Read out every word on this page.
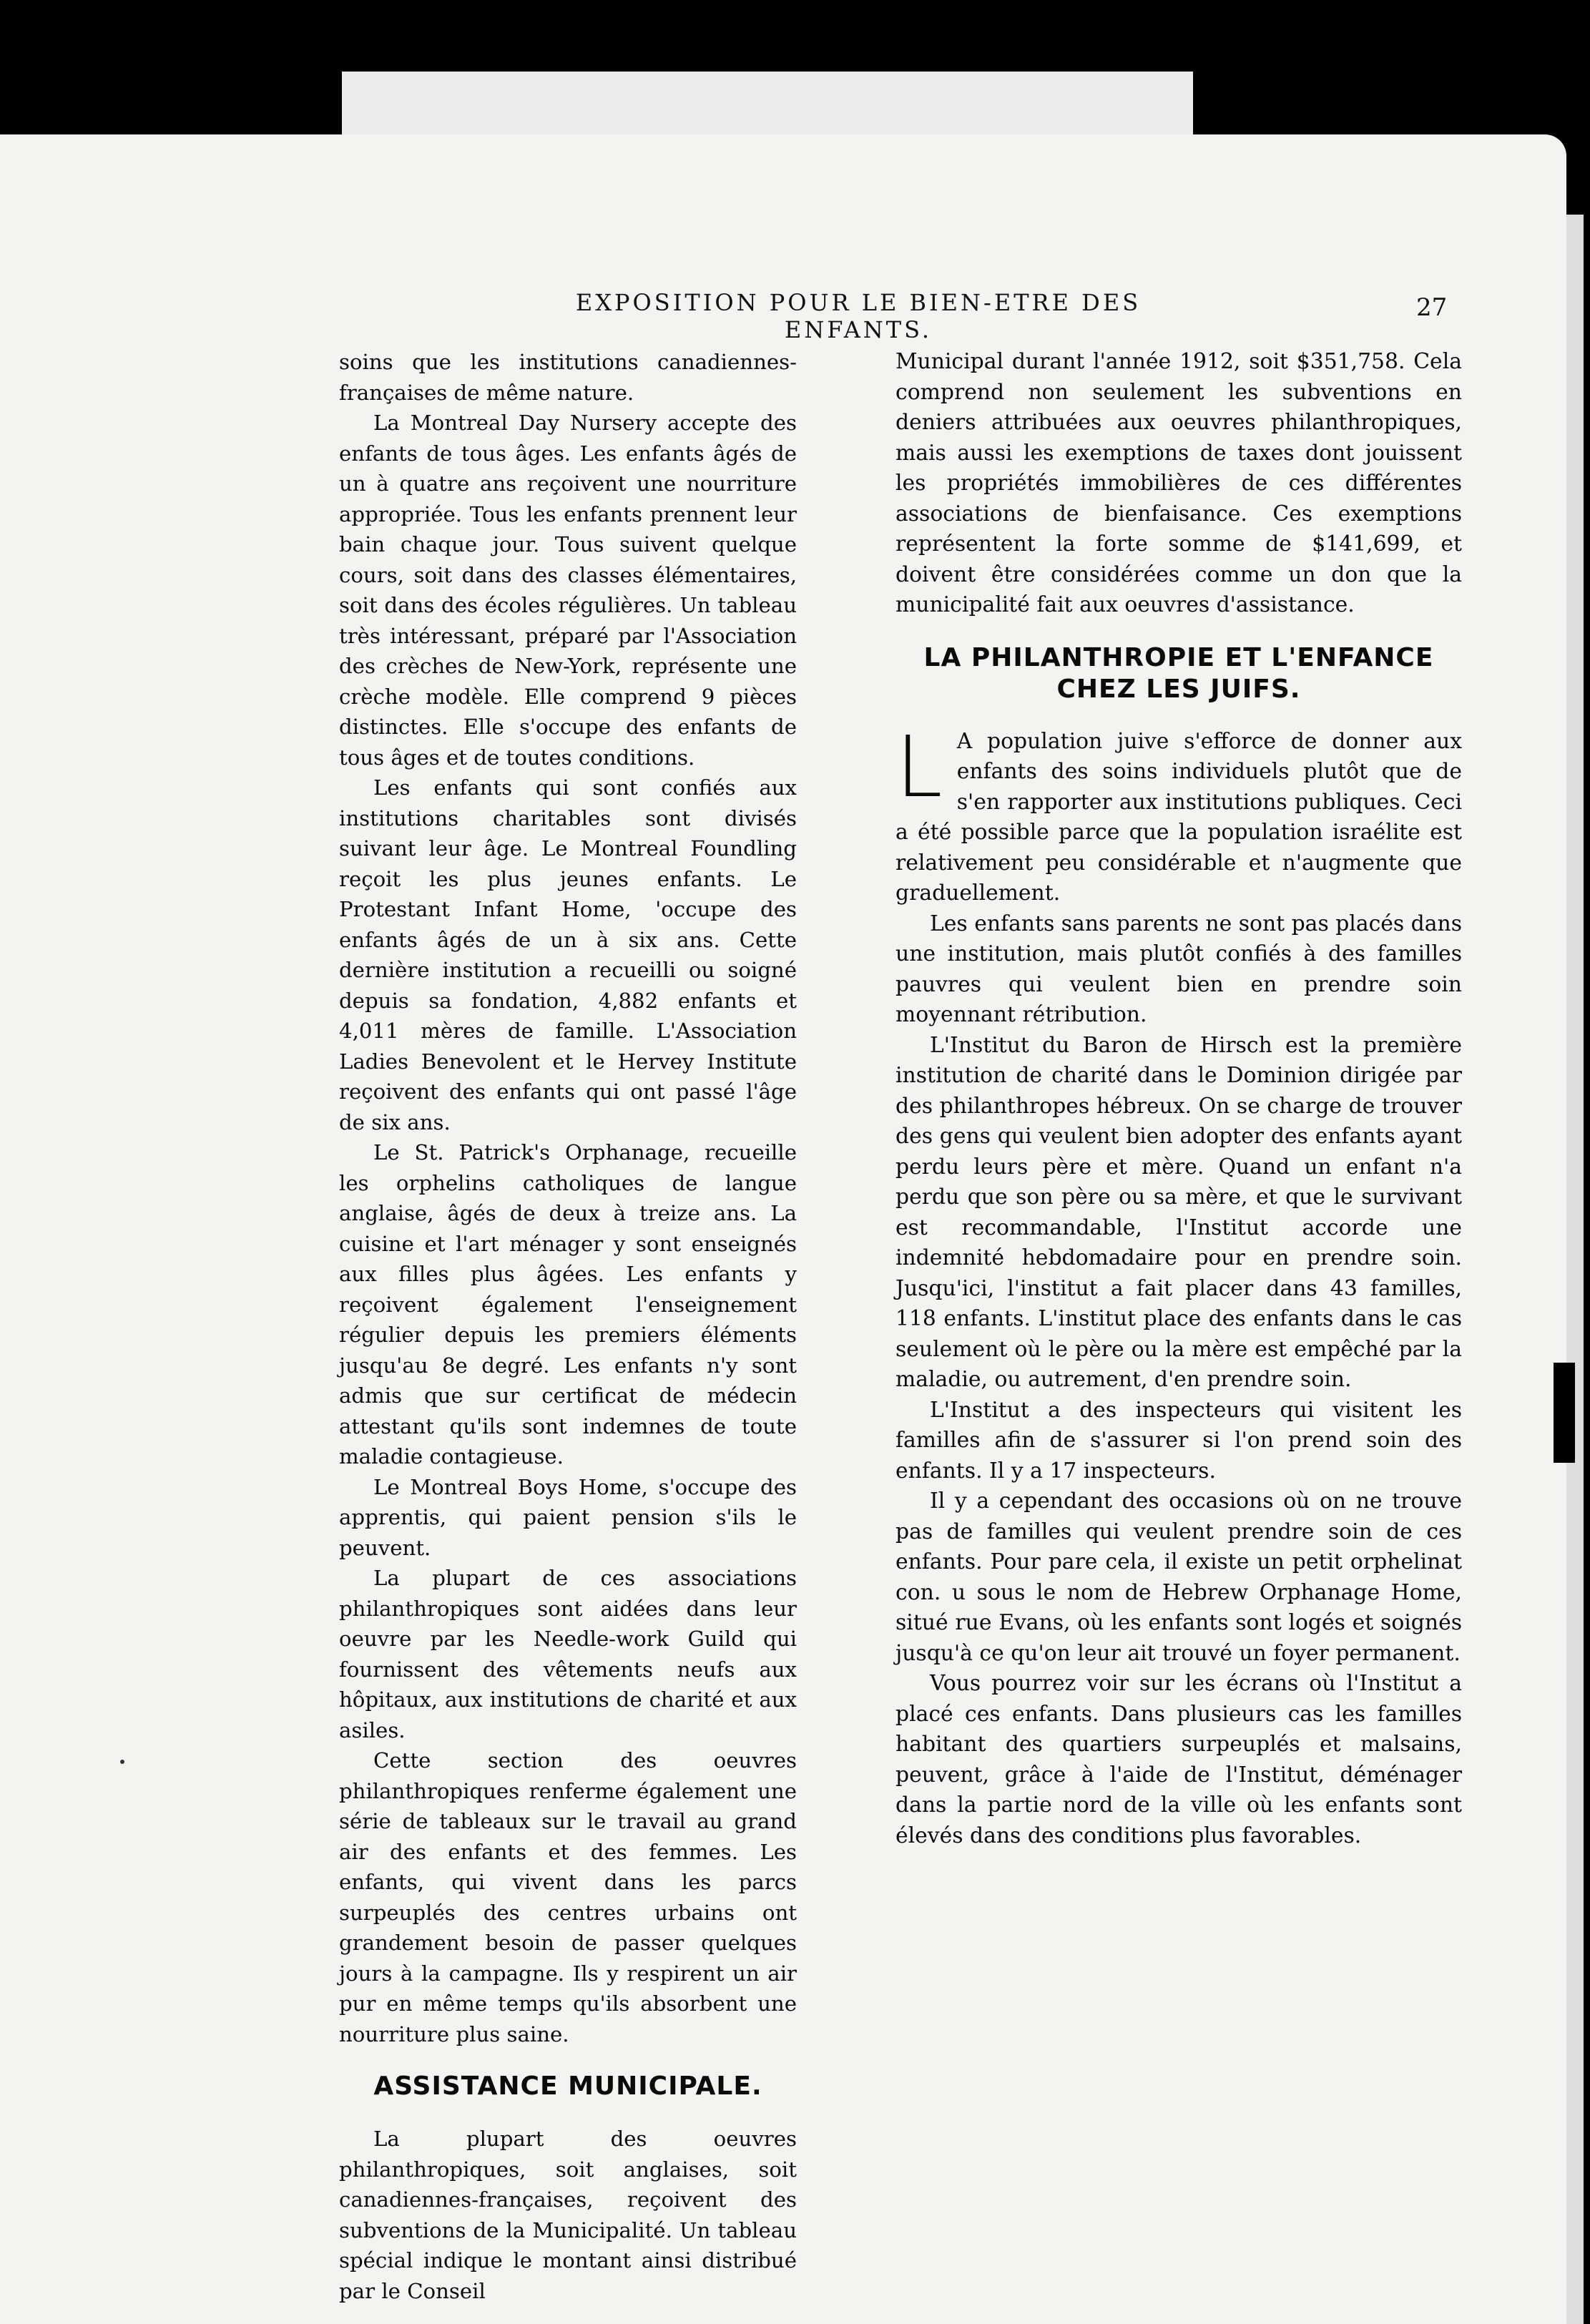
EXPOSITION POUR LE BIEN-ETRE DES ENFANTS.
27

soins que les institutions canadiennes-françaises de même nature.

La Montreal Day Nursery accepte des enfants de tous âges. Les enfants âgés de un à quatre ans reçoivent une nourriture appropriée. Tous les enfants prennent leur bain chaque jour. Tous suivent quelque cours, soit dans des classes élémentaires, soit dans des écoles régulières. Un tableau très intéressant, préparé par l'Association des crèches de New-York, représente une crèche modèle. Elle comprend 9 pièces distinctes. Elle s'occupe des enfants de tous âges et de toutes conditions.

Les enfants qui sont confiés aux institutions charitables sont divisés suivant leur âge. Le Montreal Foundling reçoit les plus jeunes enfants. Le Protestant Infant Home, 'occupe des enfants âgés de un à six ans. Cette dernière institution a recueilli ou soigné depuis sa fondation, 4,882 enfants et 4,011 mères de famille. L'Association Ladies Benevolent et le Hervey Institute reçoivent des enfants qui ont passé l'âge de six ans.

Le St. Patrick's Orphanage, recueille les orphelins catholiques de langue anglaise, âgés de deux à treize ans. La cuisine et l'art ménager y sont enseignés aux filles plus âgées. Les enfants y reçoivent également l'enseignement régulier depuis les premiers éléments jusqu'au 8e degré. Les enfants n'y sont admis que sur certificat de médecin attestant qu'ils sont indemnes de toute maladie contagieuse.

Le Montreal Boys Home, s'occupe des apprentis, qui paient pension s'ils le peuvent.

La plupart de ces associations philanthropiques sont aidées dans leur oeuvre par les Needle-work Guild qui fournissent des vêtements neufs aux hôpitaux, aux institutions de charité et aux asiles.

Cette section des oeuvres philanthropiques renferme également une série de tableaux sur le travail au grand air des enfants et des femmes. Les enfants, qui vivent dans les parcs surpeuplés des centres urbains ont grandement besoin de passer quelques jours à la campagne. Ils y respirent un air pur en même temps qu'ils absorbent une nourriture plus saine.

ASSISTANCE MUNICIPALE.

La plupart des oeuvres philanthropiques, soit anglaises, soit canadiennes-françaises, reçoivent des subventions de la Municipalité. Un tableau spécial indique le montant ainsi distribué par le Conseil

Municipal durant l'année 1912, soit $351,758. Cela comprend non seulement les subventions en deniers attribuées aux oeuvres philanthropiques, mais aussi les exemptions de taxes dont jouissent les propriétés immobilières de ces différentes associations de bienfaisance. Ces exemptions représentent la forte somme de $141,699, et doivent être considérées comme un don que la municipalité fait aux oeuvres d'assistance.

LA PHILANTHROPIE ET L'ENFANCE
CHEZ LES JUIFS.
L A population juive s'efforce de donner aux enfants des soins individuels plutôt que de s'en rapporter aux institutions publiques. Ceci a été possible parce que la population israélite est relativement peu considérable et n'augmente que graduellement.

Les enfants sans parents ne sont pas placés dans une institution, mais plutôt confiés à des familles pauvres qui veulent bien en prendre soin moyennant rétribution.

L'Institut du Baron de Hirsch est la première institution de charité dans le Dominion dirigée par des philanthropes hébreux. On se charge de trouver des gens qui veulent bien adopter des enfants ayant perdu leurs père et mère. Quand un enfant n'a perdu que son père ou sa mère, et que le survivant est recommandable, l'Institut accorde une indemnité hebdomadaire pour en prendre soin. Jusqu'ici, l'institut a fait placer dans 43 familles, 118 enfants. L'institut place des enfants dans le cas seulement où le père ou la mère est empêché par la maladie, ou autrement, d'en prendre soin.

L'Institut a des inspecteurs qui visitent les familles afin de s'assurer si l'on prend soin des enfants. Il y a 17 inspecteurs.

Il y a cependant des occasions où on ne trouve pas de familles qui veulent prendre soin de ces enfants. Pour pare cela, il existe un petit orphelinat con. u sous le nom de Hebrew Orphanage Home, situé rue Evans, où les enfants sont logés et soignés jusqu'à ce qu'on leur ait trouvé un foyer permanent.

Vous pourrez voir sur les écrans où l'Institut a placé ces enfants. Dans plusieurs cas les familles habitant des quartiers surpeuplés et malsains, peuvent, grâce à l'aide de l'Institut, déménager dans la partie nord de la ville où les enfants sont élevés dans des conditions plus favorables.
